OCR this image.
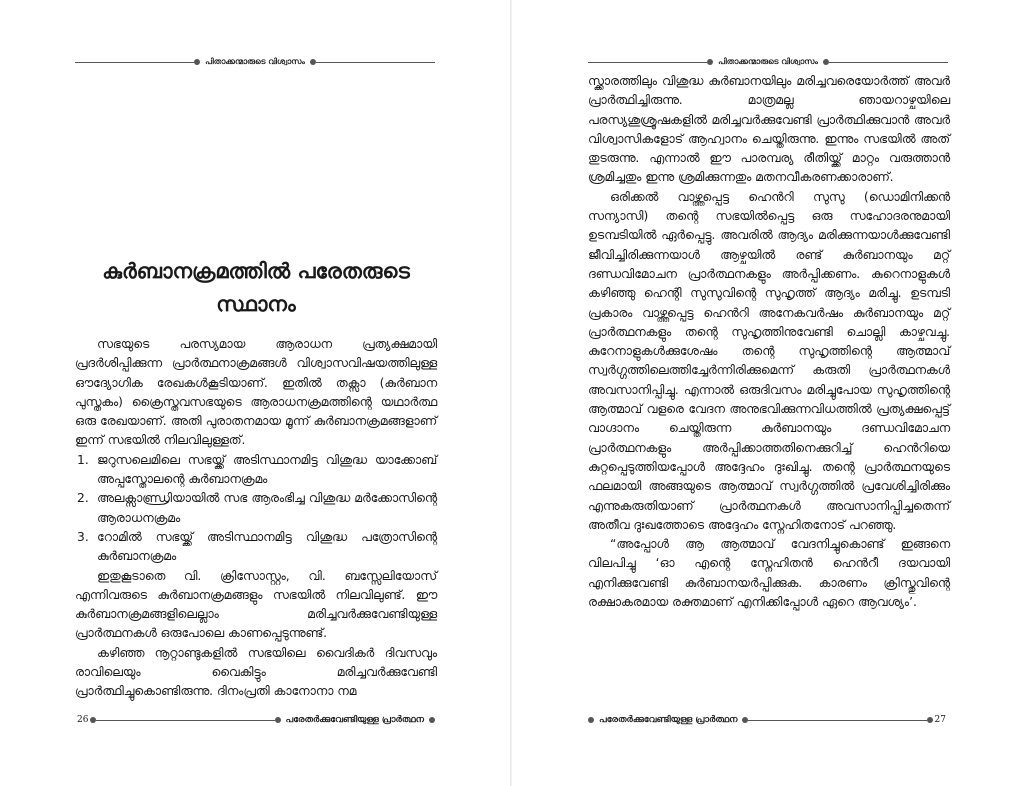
പിതാക്കന്മാരുടെ വിശ്വാസം
കുർബാനക്രമത്തിൽ പരേതരുടെ
സ്ഥാനം

സഭയുടെ പരസ്യമായ ആരാധന പ്രത്യക്ഷമായി പ്രദർശിപ്പിക്കുന്ന പ്രാർത്ഥനാക്രമങ്ങൾ വിശ്വാസവിഷയത്തിലുള്ള ഔദ്യോഗിക രേഖകൾകൂടിയാണ്. ഇതിൽ തക്സാ (കുർബാന പുസ്തകം) ക്രൈസ്തവസഭയുടെ ആരാധനക്രമത്തിന്റെ യഥാർത്ഥ ഒരു രേഖയാണ്. അതി പുരാതനമായ മൂന്ന് കുർബാനക്രമങ്ങളാണ് ഇന്ന് സഭയിൽ നിലവിലുള്ളത്.

1. ജറുസലെമിലെ സഭയ്ക്ക് അടിസ്ഥാനമിട്ട വിശുദ്ധ യാക്കോബ് അപ്പസ്തോലന്റെ കുർബാനക്രമം
2. അലക്സാണ്ഡ്രിയായിൽ സഭ ആരംഭിച്ച വിശുദ്ധ മർക്കോസിന്റെ ആരാധനക്രമം
3. റോമിൽ സഭയ്ക്ക് അടിസ്ഥാനമിട്ട വിശുദ്ധ പത്രോസിന്റെ കുർബാനക്രമം

ഇതുകൂടാതെ വി. ക്രിസോസ്റ്റം, വി. ബസ്സേലിയോസ് എന്നിവരുടെ കുർബാനക്രമങ്ങളും സഭയിൽ നിലവിലുണ്ട്. ഈ കുർബാനക്രമങ്ങളിലെല്ലാം മരിച്ചവർക്കുവേണ്ടിയുള്ള പ്രാർത്ഥനകൾ ഒരുപോലെ കാണപ്പെടുന്നുണ്ട്.

കഴിഞ്ഞ നൂറ്റാണ്ടുകളിൽ സഭയിലെ വൈദികർ ദിവസവും രാവിലെയും വൈകിട്ടും മരിച്ചവർക്കുവേണ്ടി പ്രാർത്ഥിച്ചുകൊണ്ടിരുന്നു. ദിനംപ്രതി കാനോനാ നമ

26	പരേതർക്കുവേണ്ടിയുള്ള പ്രാർത്ഥന
പിതാക്കന്മാരുടെ വിശ്വാസം

സ്ക്കാരത്തിലും വിശുദ്ധ കുർബാനയിലും മരിച്ചവരെയോർത്ത് അവർ പ്രാർത്ഥിച്ചിരുന്നു. മാത്രമല്ല ഞായറാഴ്ചയിലെ പരസ്യശുശ്രൂഷകളിൽ മരിച്ചവർക്കുവേണ്ടി പ്രാർത്ഥിക്കുവാൻ അവർ വിശ്വാസികളോട് ആഹ്വാനം ചെയ്തിരുന്നു. ഇന്നും സഭയിൽ അത് തുടരുന്നു. എന്നാൽ ഈ പാരമ്പര്യ രീതിയ്ക്ക് മാറ്റം വരുത്താൻ ശ്രമിച്ചതും ഇന്നു ശ്രമിക്കുന്നതും മതനവീകരണക്കാരാണ്.

ഒരിക്കൽ വാഴ്ത്തപ്പെട്ട ഹെൻറി സുസു (ഡൊമിനിക്കൻ സന്യാസി) തന്റെ സഭയിൽപ്പെട്ട ഒരു സഹോദരനുമായി ഉടമ്പടിയിൽ ഏർപ്പെട്ടു. അവരിൽ ആദ്യം മരിക്കുന്നയാൾക്കുവേണ്ടി ജീവിച്ചിരിക്കുന്നയാൾ ആഴ്ചയിൽ രണ്ട് കുർബാനയും മറ്റ് ദണ്ഡവിമോചന പ്രാർത്ഥനകളും അർപ്പിക്കണം. കുറെനാളുകൾ കഴിഞ്ഞു ഹെന്റി സുസുവിന്റെ സുഹൃത്ത് ആദ്യം മരിച്ചു. ഉടമ്പടി പ്രകാരം വാഴ്ത്തപ്പെട്ട ഹെൻറി അനേകവർഷം കുർബാനയും മറ്റ് പ്രാർത്ഥനകളും തന്റെ സുഹൃത്തിനുവേണ്ടി ചൊല്ലി കാഴ്ചവച്ചു. കുറേനാളുകൾക്കുശേഷം തന്റെ സുഹൃത്തിന്റെ ആത്മാവ് സ്വർഗ്ഗത്തിലെത്തിച്ചേർന്നിരിക്കുമെന്ന് കരുതി പ്രാർത്ഥനകൾ അവസാനിപ്പിച്ചു. എന്നാൽ ഒരുദിവസം മരിച്ചുപോയ സുഹൃത്തിന്റെ ആത്മാവ് വളരെ വേദന അനുഭവിക്കുന്നവിധത്തിൽ പ്രത്യക്ഷപ്പെട്ട് വാഗ്ദാനം ചെയ്തിരുന്ന കുർബാനയും ദണ്ഡവിമോചന പ്രാർത്ഥനകളും അർപ്പിക്കാത്തതിനെക്കുറിച്ച് ഹെൻറിയെ കുറ്റപ്പെടുത്തിയപ്പോൾ അദ്ദേഹം ദുഃഖിച്ചു. തന്റെ പ്രാർത്ഥനയുടെ ഫലമായി അങ്ങയുടെ ആത്മാവ് സ്വർഗ്ഗത്തിൽ പ്രവേശിച്ചിരിക്കും എന്നുകരുതിയാണ് പ്രാർത്ഥനകൾ അവസാനിപ്പിച്ചതെന്ന് അതീവ ദുഃഖത്തോടെ അദ്ദേഹം സ്നേഹിതനോട് പറഞ്ഞു.

“അപ്പോൾ ആ ആത്മാവ് വേദനിച്ചുകൊണ്ട് ഇങ്ങനെ വിലപിച്ചു ‘ഓ എന്റെ സ്നേഹിതൻ ഹെൻറീ ദയവായി എനിക്കുവേണ്ടി കുർബാനയർപ്പിക്കുക. കാരണം ക്രിസ്തുവിന്റെ രക്ഷാകരമായ രക്തമാണ് എനിക്കിപ്പോൾ ഏറെ ആവശ്യം’.

പരേതർക്കുവേണ്ടിയുള്ള പ്രാർത്ഥന	27
